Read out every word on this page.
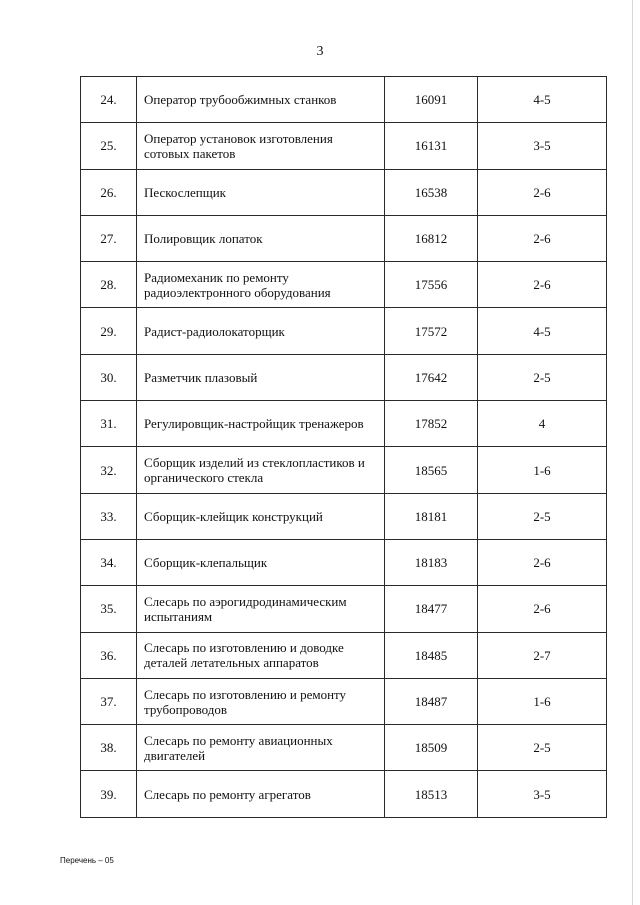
3
24.	Оператор трубообжимных станков	16091	4-5
25.	Оператор установок изготовления сотовых пакетов	16131	3-5
26.	Пескослепщик	16538	2-6
27.	Полировщик лопаток	16812	2-6
28.	Радиомеханик по ремонту радиоэлектронного оборудования	17556	2-6
29.	Радист-радиолокаторщик	17572	4-5
30.	Разметчик плазовый	17642	2-5
31.	Регулировщик-настройщик тренажеров	17852	4
32.	Сборщик изделий из стеклопластиков и органического стекла	18565	1-6
33.	Сборщик-клейщик конструкций	18181	2-5
34.	Сборщик-клепальщик	18183	2-6
35.	Слесарь по аэрогидродинамическим испытаниям	18477	2-6
36.	Слесарь по изготовлению и доводке деталей летательных аппаратов	18485	2-7
37.	Слесарь по изготовлению и ремонту трубопроводов	18487	1-6
38.	Слесарь по ремонту авиационных двигателей	18509	2-5
39.	Слесарь по ремонту агрегатов	18513	3-5
Перечень – 05
